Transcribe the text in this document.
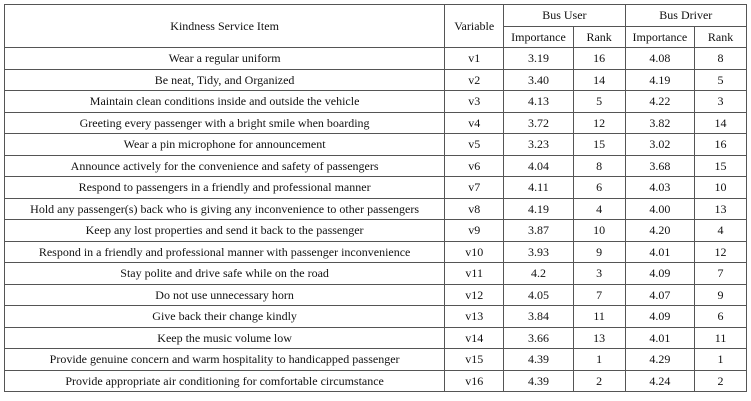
Kindness Service Item	Variable	Bus User		Bus Driver	
		Importance	Rank	Importance	Rank
Wear a regular uniform	v1	3.19	16	4.08	8
Be neat, Tidy, and Organized	v2	3.40	14	4.19	5
Maintain clean conditions inside and outside the vehicle	v3	4.13	5	4.22	3
Greeting every passenger with a bright smile when boarding	v4	3.72	12	3.82	14
Wear a pin microphone for announcement	v5	3.23	15	3.02	16
Announce actively for the convenience and safety of passengers	v6	4.04	8	3.68	15
Respond to passengers in a friendly and professional manner	v7	4.11	6	4.03	10
Hold any passenger(s) back who is giving any inconvenience to other passengers	v8	4.19	4	4.00	13
Keep any lost properties and send it back to the passenger	v9	3.87	10	4.20	4
Respond in a friendly and professional manner with passenger inconvenience	v10	3.93	9	4.01	12
Stay polite and drive safe while on the road	v11	4.2	3	4.09	7
Do not use unnecessary horn	v12	4.05	7	4.07	9
Give back their change kindly	v13	3.84	11	4.09	6
Keep the music volume low	v14	3.66	13	4.01	11
Provide genuine concern and warm hospitality to handicapped passenger	v15	4.39	1	4.29	1
Provide appropriate air conditioning for comfortable circumstance	v16	4.39	2	4.24	2
